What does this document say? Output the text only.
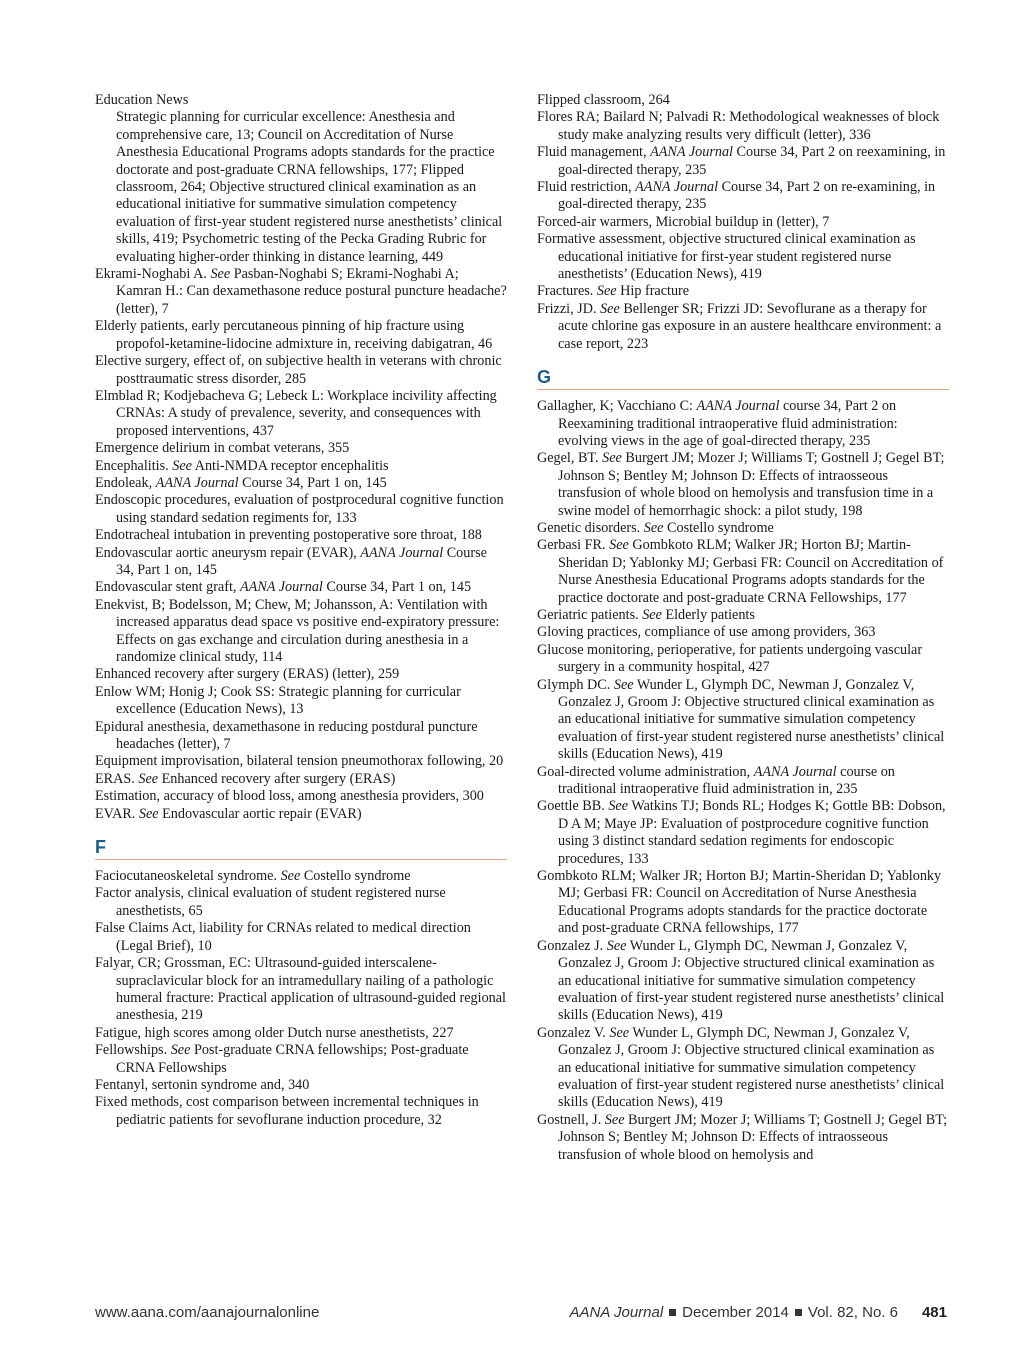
Education News

Strategic planning for curricular excellence: Anesthesia and comprehensive care, 13; Council on Accreditation of Nurse Anesthesia Educational Programs adopts standards for the practice doctorate and post-graduate CRNA fellowships, 177; Flipped classroom, 264; Objective structured clinical examination as an educational initiative for summative simulation competency evaluation of first-year student registered nurse anesthetists’ clinical skills, 419; Psychometric testing of the Pecka Grading Rubric for evaluating higher-order thinking in distance learning, 449

Ekrami-Noghabi A. See Pasban-Noghabi S; Ekrami-Noghabi A; Kamran H.: Can dexamethasone reduce postural puncture headache? (letter), 7

Elderly patients, early percutaneous pinning of hip fracture using propofol-ketamine-lidocine admixture in, receiving dabigatran, 46

Elective surgery, effect of, on subjective health in veterans with chronic posttraumatic stress disorder, 285

Elmblad R; Kodjebacheva G; Lebeck L: Workplace incivility affecting CRNAs: A study of prevalence, severity, and consequences with proposed interventions, 437

Emergence delirium in combat veterans, 355

Encephalitis. See Anti-NMDA receptor encephalitis

Endoleak, AANA Journal Course 34, Part 1 on, 145

Endoscopic procedures, evaluation of postprocedural cognitive function using standard sedation regiments for, 133

Endotracheal intubation in preventing postoperative sore throat, 188

Endovascular aortic aneurysm repair (EVAR), AANA Journal Course 34, Part 1 on, 145

Endovascular stent graft, AANA Journal Course 34, Part 1 on, 145

Enekvist, B; Bodelsson, M; Chew, M; Johansson, A: Ventilation with increased apparatus dead space vs positive end-expiratory pressure: Effects on gas exchange and circulation during anesthesia in a randomize clinical study, 114

Enhanced recovery after surgery (ERAS) (letter), 259

Enlow WM; Honig J; Cook SS: Strategic planning for curricular excellence (Education News), 13

Epidural anesthesia, dexamethasone in reducing postdural puncture headaches (letter), 7

Equipment improvisation, bilateral tension pneumothorax following, 20

ERAS. See Enhanced recovery after surgery (ERAS)

Estimation, accuracy of blood loss, among anesthesia providers, 300

EVAR. See Endovascular aortic repair (EVAR)

F

Faciocutaneoskeletal syndrome. See Costello syndrome

Factor analysis, clinical evaluation of student registered nurse anesthetists, 65

False Claims Act, liability for CRNAs related to medical direction (Legal Brief), 10

Falyar, CR; Grossman, EC: Ultrasound-guided interscalene-supraclavicular block for an intramedullary nailing of a pathologic humeral fracture: Practical application of ultrasound-guided regional anesthesia, 219

Fatigue, high scores among older Dutch nurse anesthetists, 227

Fellowships. See Post-graduate CRNA fellowships; Post-graduate CRNA Fellowships

Fentanyl, sertonin syndrome and, 340

Fixed methods, cost comparison between incremental techniques in pediatric patients for sevoflurane induction procedure, 32

Flipped classroom, 264

Flores RA; Bailard N; Palvadi R: Methodological weaknesses of block study make analyzing results very difficult (letter), 336

Fluid management, AANA Journal Course 34, Part 2 on reexamining, in goal-directed therapy, 235

Fluid restriction, AANA Journal Course 34, Part 2 on re-examining, in goal-directed therapy, 235

Forced-air warmers, Microbial buildup in (letter), 7

Formative assessment, objective structured clinical examination as educational initiative for first-year student registered nurse anesthetists’ (Education News), 419

Fractures. See Hip fracture

Frizzi, JD. See Bellenger SR; Frizzi JD: Sevoflurane as a therapy for acute chlorine gas exposure in an austere healthcare environment: a case report, 223

G

Gallagher, K; Vacchiano C: AANA Journal course 34, Part 2 on Reexamining traditional intraoperative fluid administration: evolving views in the age of goal-directed therapy, 235

Gegel, BT. See Burgert JM; Mozer J; Williams T; Gostnell J; Gegel BT; Johnson S; Bentley M; Johnson D: Effects of intraosseous transfusion of whole blood on hemolysis and transfusion time in a swine model of hemorrhagic shock: a pilot study, 198

Genetic disorders. See Costello syndrome

Gerbasi FR. See Gombkoto RLM; Walker JR; Horton BJ; Martin-Sheridan D; Yablonky MJ; Gerbasi FR: Council on Accreditation of Nurse Anesthesia Educational Programs adopts standards for the practice doctorate and post-graduate CRNA Fellowships, 177

Geriatric patients. See Elderly patients

Gloving practices, compliance of use among providers, 363

Glucose monitoring, perioperative, for patients undergoing vascular surgery in a community hospital, 427

Glymph DC. See Wunder L, Glymph DC, Newman J, Gonzalez V, Gonzalez J, Groom J: Objective structured clinical examination as an educational initiative for summative simulation competency evaluation of first-year student registered nurse anesthetists’ clinical skills (Education News), 419

Goal-directed volume administration, AANA Journal course on traditional intraoperative fluid administration in, 235

Goettle BB. See Watkins TJ; Bonds RL; Hodges K; Gottle BB: Dobson, D A M; Maye JP: Evaluation of postprocedure cognitive function using 3 distinct standard sedation regiments for endoscopic procedures, 133

Gombkoto RLM; Walker JR; Horton BJ; Martin-Sheridan D; Yablonky MJ; Gerbasi FR: Council on Accreditation of Nurse Anesthesia Educational Programs adopts standards for the practice doctorate and post-graduate CRNA fellowships, 177

Gonzalez J. See Wunder L, Glymph DC, Newman J, Gonzalez V, Gonzalez J, Groom J: Objective structured clinical examination as an educational initiative for summative simulation competency evaluation of first-year student registered nurse anesthetists’ clinical skills (Education News), 419

Gonzalez V. See Wunder L, Glymph DC, Newman J, Gonzalez V, Gonzalez J, Groom J: Objective structured clinical examination as an educational initiative for summative simulation competency evaluation of first-year student registered nurse anesthetists’ clinical skills (Education News), 419

Gostnell, J. See Burgert JM; Mozer J; Williams T; Gostnell J; Gegel BT; Johnson S; Bentley M; Johnson D: Effects of intraosseous transfusion of whole blood on hemolysis and

www.aana.com/aanajournalonline	AANA Journal December 2014 Vol. 82, No. 6 481
